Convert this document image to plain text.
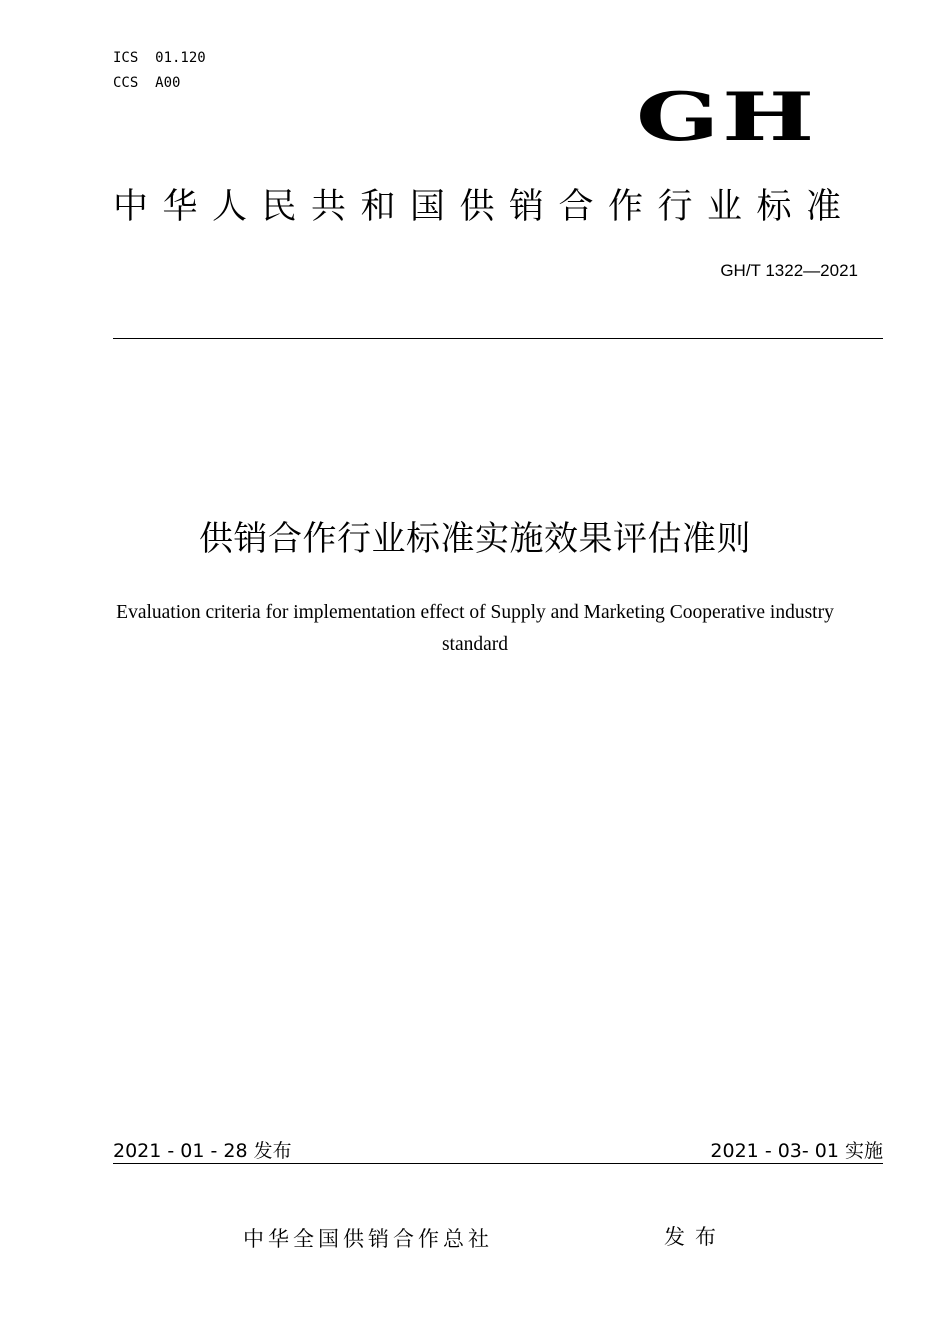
ICS  01.120
CCS  A00	GH
中华人民共和国供销合作行业标准
GH/T 1322—2021
供销合作行业标准实施效果评估准则
Evaluation criteria for implementation effect of Supply and Marketing Cooperative industry standard
2021 - 01 - 28 发布	2021 - 03- 01 实施
中华全国供销合作总社	发布
